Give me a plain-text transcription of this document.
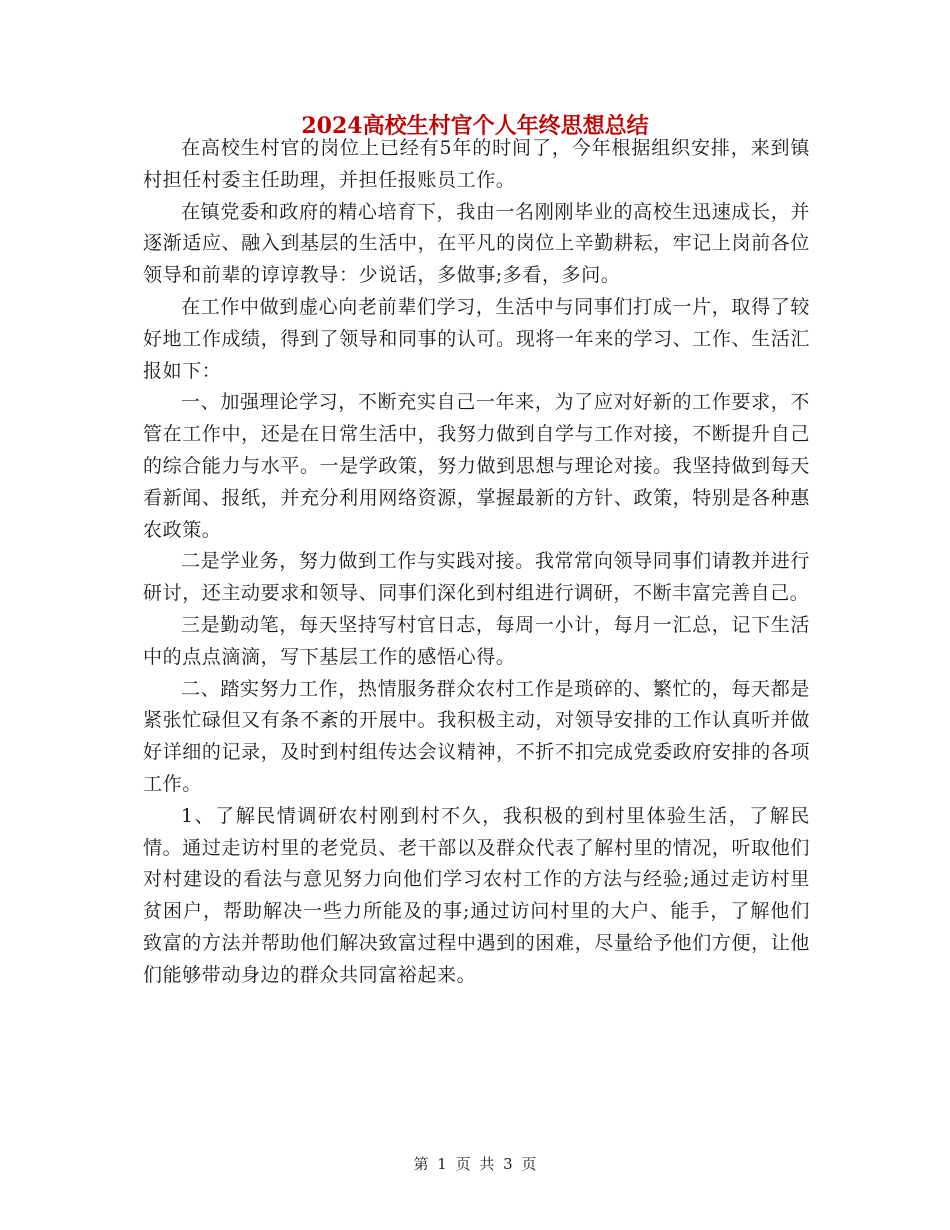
2024高校生村官个人年终思想总结

在高校生村官的岗位上已经有5年的时间了，今年根据组织安排，来到镇村担任村委主任助理，并担任报账员工作。

在镇党委和政府的精心培育下，我由一名刚刚毕业的高校生迅速成长，并逐渐适应、融入到基层的生活中，在平凡的岗位上辛勤耕耘，牢记上岗前各位领导和前辈的谆谆教导：少说话，多做事;多看，多问。

在工作中做到虚心向老前辈们学习，生活中与同事们打成一片，取得了较好地工作成绩，得到了领导和同事的认可。现将一年来的学习、工作、生活汇报如下：

一、加强理论学习，不断充实自己一年来，为了应对好新的工作要求，不管在工作中，还是在日常生活中，我努力做到自学与工作对接，不断提升自己的综合能力与水平。一是学政策，努力做到思想与理论对接。我坚持做到每天看新闻、报纸，并充分利用网络资源，掌握最新的方针、政策，特别是各种惠农政策。

二是学业务，努力做到工作与实践对接。我常常向领导同事们请教并进行研讨，还主动要求和领导、同事们深化到村组进行调研，不断丰富完善自己。

三是勤动笔，每天坚持写村官日志，每周一小计，每月一汇总，记下生活中的点点滴滴，写下基层工作的感悟心得。

二、踏实努力工作，热情服务群众农村工作是琐碎的、繁忙的，每天都是紧张忙碌但又有条不紊的开展中。我积极主动，对领导安排的工作认真听并做好详细的记录，及时到村组传达会议精神，不折不扣完成党委政府安排的各项工作。

1、了解民情调研农村刚到村不久，我积极的到村里体验生活，了解民情。通过走访村里的老党员、老干部以及群众代表了解村里的情况，听取他们对村建设的看法与意见努力向他们学习农村工作的方法与经验;通过走访村里贫困户，帮助解决一些力所能及的事;通过访问村里的大户、能手，了解他们致富的方法并帮助他们解决致富过程中遇到的困难，尽量给予他们方便，让他们能够带动身边的群众共同富裕起来。

第 1 页 共 3 页
